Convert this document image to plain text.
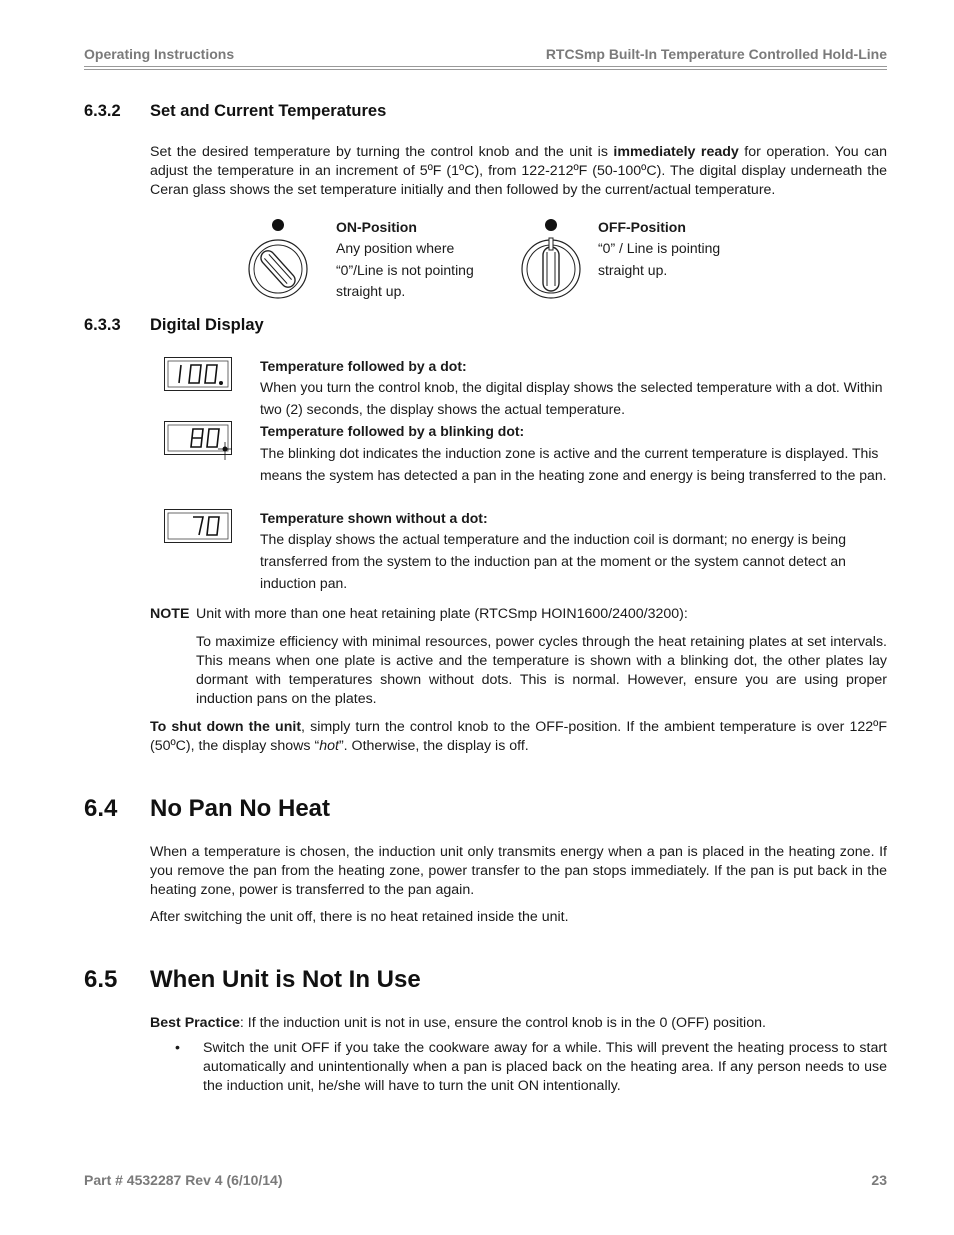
Operating Instructions	RTCSmp Built-In Temperature Controlled Hold-Line
6.3.2 Set and Current Temperatures
Set the desired temperature by turning the control knob and the unit is immediately ready for operation. You can adjust the temperature in an increment of 5ºF (1ºC), from 122-212ºF (50-100ºC). The digital display underneath the Ceran glass shows the set temperature initially and then followed by the current/actual temperature.
ON-Position
Any position where “0”/Line is not pointing straight up.
OFF-Position
“0” / Line is pointing straight up.
6.3.3 Digital Display
Temperature followed by a dot:
When you turn the control knob, the digital display shows the selected temperature with a dot. Within two (2) seconds, the display shows the actual temperature.
Temperature followed by a blinking dot:
The blinking dot indicates the induction zone is active and the current temperature is displayed. This means the system has detected a pan in the heating zone and energy is being transferred to the pan.
Temperature shown without a dot:
The display shows the actual temperature and the induction coil is dormant; no energy is being transferred from the system to the induction pan at the moment or the system cannot detect an induction pan.
NOTE Unit with more than one heat retaining plate (RTCSmp HOIN1600/2400/3200):
To maximize efficiency with minimal resources, power cycles through the heat retaining plates at set intervals. This means when one plate is active and the temperature is shown with a blinking dot, the other plates lay dormant with temperatures shown without dots. This is normal. However, ensure you are using proper induction pans on the plates.
To shut down the unit, simply turn the control knob to the OFF-position. If the ambient temperature is over 122ºF (50ºC), the display shows “hot”. Otherwise, the display is off.
6.4 No Pan No Heat
When a temperature is chosen, the induction unit only transmits energy when a pan is placed in the heating zone. If you remove the pan from the heating zone, power transfer to the pan stops immediately. If the pan is put back in the heating zone, power is transferred to the pan again.
After switching the unit off, there is no heat retained inside the unit.
6.5 When Unit is Not In Use
Best Practice: If the induction unit is not in use, ensure the control knob is in the 0 (OFF) position.
• Switch the unit OFF if you take the cookware away for a while. This will prevent the heating process to start automatically and unintentionally when a pan is placed back on the heating area. If any person needs to use the induction unit, he/she will have to turn the unit ON intentionally.
Part # 4532287 Rev 4 (6/10/14)	23
